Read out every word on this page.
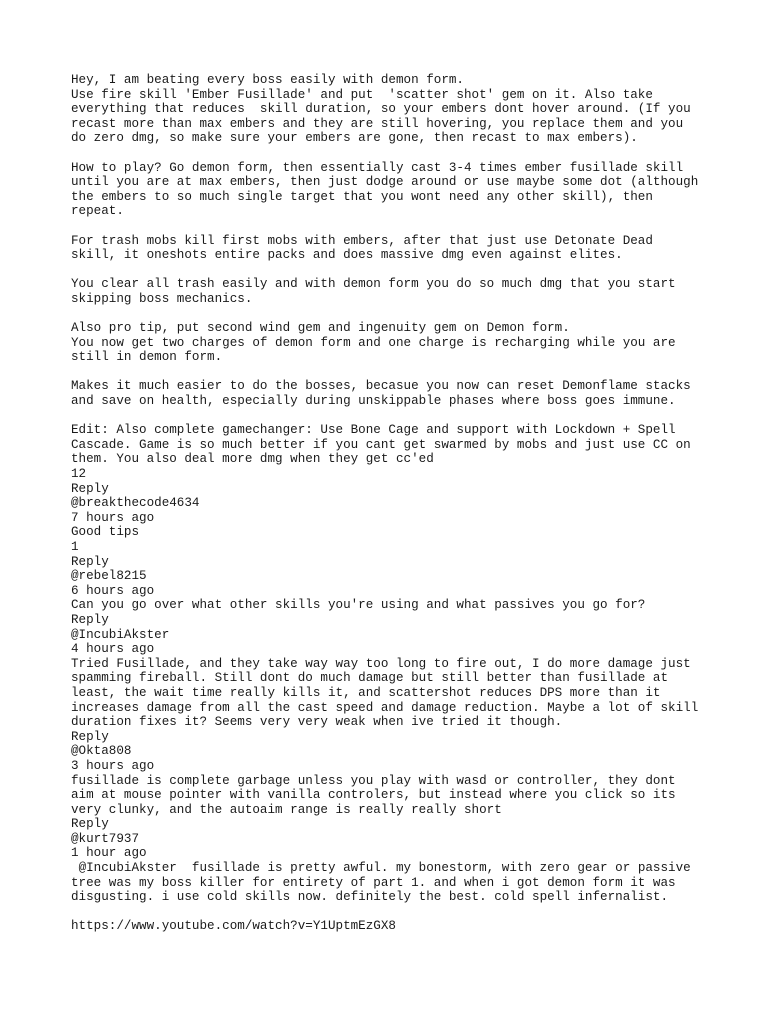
Hey, I am beating every boss easily with demon form.
Use fire skill 'Ember Fusillade' and put  'scatter shot' gem on it. Also take
everything that reduces  skill duration, so your embers dont hover around. (If you
recast more than max embers and they are still hovering, you replace them and you
do zero dmg, so make sure your embers are gone, then recast to max embers).

How to play? Go demon form, then essentially cast 3-4 times ember fusillade skill
until you are at max embers, then just dodge around or use maybe some dot (although
the embers to so much single target that you wont need any other skill), then
repeat.

For trash mobs kill first mobs with embers, after that just use Detonate Dead
skill, it oneshots entire packs and does massive dmg even against elites.

You clear all trash easily and with demon form you do so much dmg that you start
skipping boss mechanics.

Also pro tip, put second wind gem and ingenuity gem on Demon form.
You now get two charges of demon form and one charge is recharging while you are
still in demon form.

Makes it much easier to do the bosses, becasue you now can reset Demonflame stacks
and save on health, especially during unskippable phases where boss goes immune.

Edit: Also complete gamechanger: Use Bone Cage and support with Lockdown + Spell
Cascade. Game is so much better if you cant get swarmed by mobs and just use CC on
them. You also deal more dmg when they get cc'ed

12
Reply
@breakthecode4634
7 hours ago

Good tips

1
Reply
@rebel8215
6 hours ago

Can you go over what other skills you're using and what passives you go for?

Reply
@IncubiAkster
4 hours ago

Tried Fusillade, and they take way way too long to fire out, I do more damage just
spamming fireball. Still dont do much damage but still better than fusillade at
least, the wait time really kills it, and scattershot reduces DPS more than it
increases damage from all the cast speed and damage reduction. Maybe a lot of skill
duration fixes it? Seems very very weak when ive tried it though.

Reply
@Okta808
3 hours ago

fusillade is complete garbage unless you play with wasd or controller, they dont
aim at mouse pointer with vanilla controlers, but instead where you click so its
very clunky, and the autoaim range is really really short

Reply
@kurt7937
1 hour ago

@IncubiAkster  fusillade is pretty awful. my bonestorm, with zero gear or passive
tree was my boss killer for entirety of part 1. and when i got demon form it was
disgusting. i use cold skills now. definitely the best. cold spell infernalist.

https://www.youtube.com/watch?v=Y1UptmEzGX8
